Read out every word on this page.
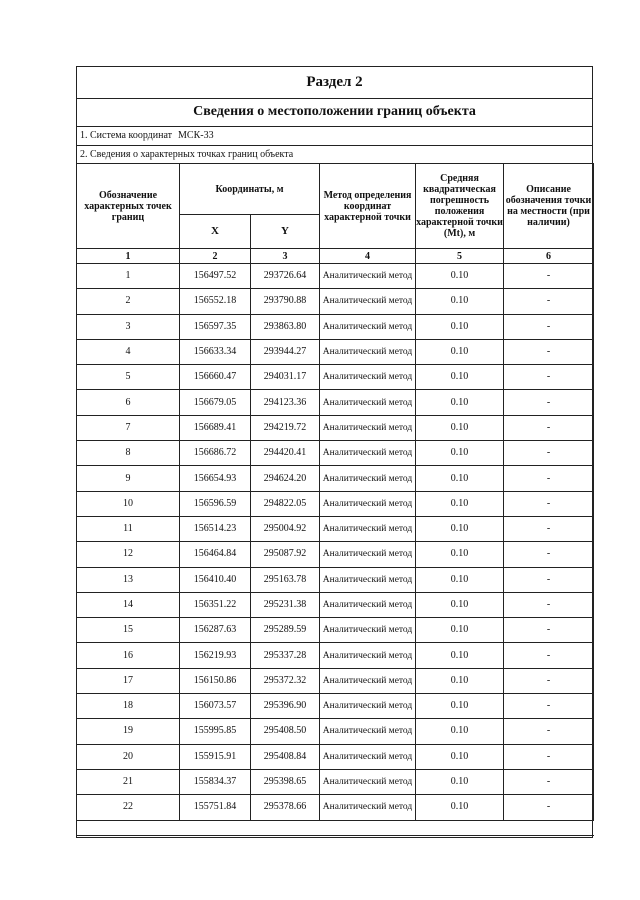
Раздел 2
Сведения о местоположении границ объекта
1. Система координат МСК-33
2. Сведения о характерных точках границ объекта
Обозначение характерных точек границ	Координаты, м		Метод определения координат характерной точки	Средняя квадратическая погрешность положения характерной точки (Mt), м	Описание обозначения точки на местности (при наличии)
	X	Y			
1	2	3	4	5	6
1	156497.52	293726.64	Аналитический метод	0.10	-
2	156552.18	293790.88	Аналитический метод	0.10	-
3	156597.35	293863.80	Аналитический метод	0.10	-
4	156633.34	293944.27	Аналитический метод	0.10	-
5	156660.47	294031.17	Аналитический метод	0.10	-
6	156679.05	294123.36	Аналитический метод	0.10	-
7	156689.41	294219.72	Аналитический метод	0.10	-
8	156686.72	294420.41	Аналитический метод	0.10	-
9	156654.93	294624.20	Аналитический метод	0.10	-
10	156596.59	294822.05	Аналитический метод	0.10	-
11	156514.23	295004.92	Аналитический метод	0.10	-
12	156464.84	295087.92	Аналитический метод	0.10	-
13	156410.40	295163.78	Аналитический метод	0.10	-
14	156351.22	295231.38	Аналитический метод	0.10	-
15	156287.63	295289.59	Аналитический метод	0.10	-
16	156219.93	295337.28	Аналитический метод	0.10	-
17	156150.86	295372.32	Аналитический метод	0.10	-
18	156073.57	295396.90	Аналитический метод	0.10	-
19	155995.85	295408.50	Аналитический метод	0.10	-
20	155915.91	295408.84	Аналитический метод	0.10	-
21	155834.37	295398.65	Аналитический метод	0.10	-
22	155751.84	295378.66	Аналитический метод	0.10	-
